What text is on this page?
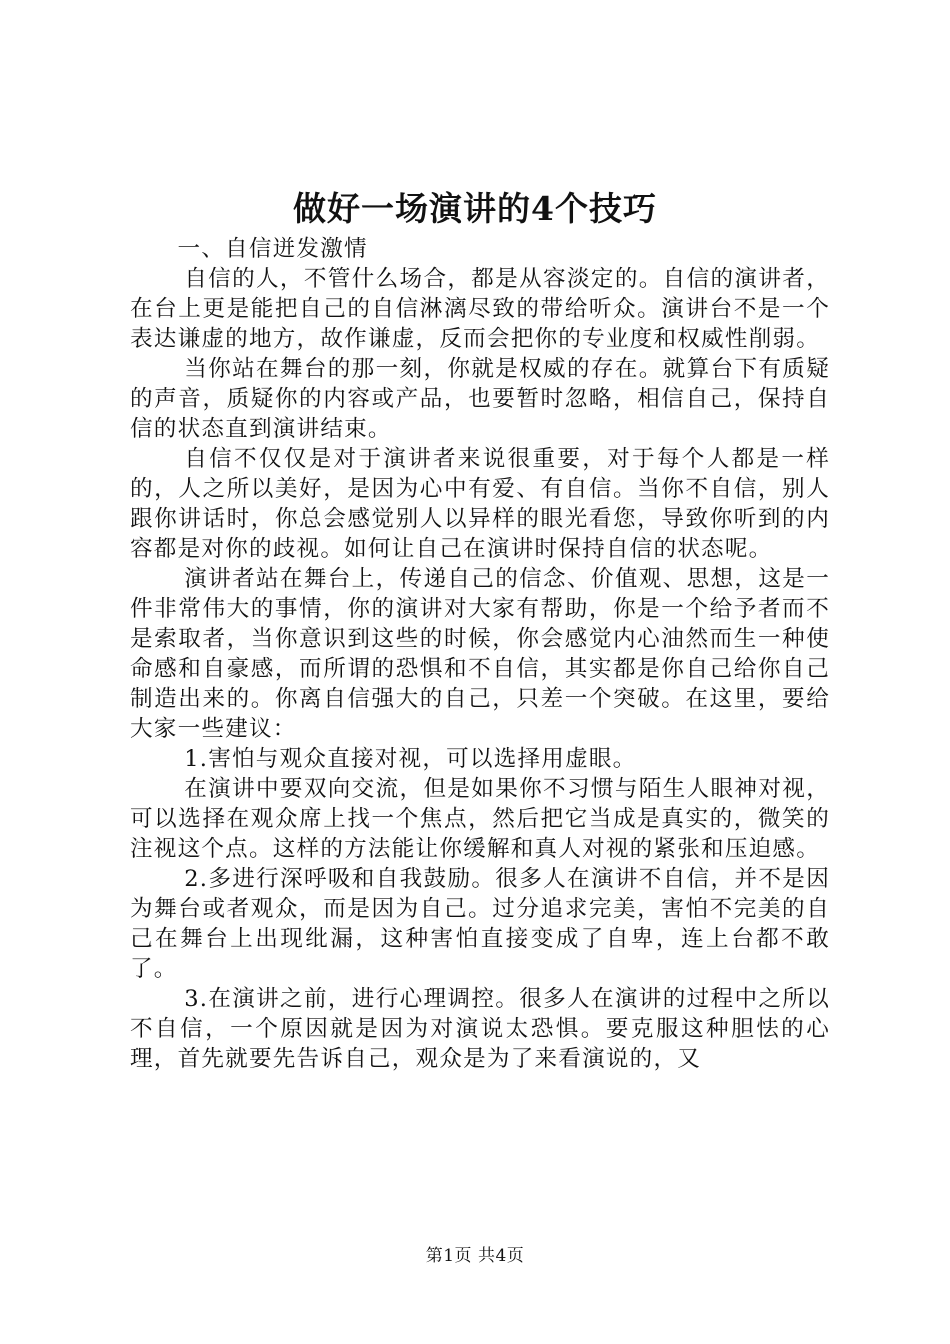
做好一场演讲的4个技巧

一、自信迸发激情

自信的人，不管什么场合，都是从容淡定的。自信的演讲者，在台上更是能把自己的自信淋漓尽致的带给听众。演讲台不是一个表达谦虚的地方，故作谦虚，反而会把你的专业度和权威性削弱。

当你站在舞台的那一刻，你就是权威的存在。就算台下有质疑的声音，质疑你的内容或产品，也要暂时忽略，相信自己，保持自信的状态直到演讲结束。

自信不仅仅是对于演讲者来说很重要，对于每个人都是一样的，人之所以美好，是因为心中有爱、有自信。当你不自信，别人跟你讲话时，你总会感觉别人以异样的眼光看您，导致你听到的内容都是对你的歧视。如何让自己在演讲时保持自信的状态呢。

演讲者站在舞台上，传递自己的信念、价值观、思想，这是一件非常伟大的事情，你的演讲对大家有帮助，你是一个给予者而不是索取者，当你意识到这些的时候，你会感觉内心油然而生一种使命感和自豪感，而所谓的恐惧和不自信，其实都是你自己给你自己制造出来的。你离自信强大的自己，只差一个突破。在这里，要给大家一些建议：

1.害怕与观众直接对视，可以选择用虚眼。

在演讲中要双向交流，但是如果你不习惯与陌生人眼神对视，可以选择在观众席上找一个焦点，然后把它当成是真实的，微笑的注视这个点。这样的方法能让你缓解和真人对视的紧张和压迫感。

2.多进行深呼吸和自我鼓励。很多人在演讲不自信，并不是因为舞台或者观众，而是因为自己。过分追求完美，害怕不完美的自己在舞台上出现纰漏，这种害怕直接变成了自卑，连上台都不敢了。

3.在演讲之前，进行心理调控。很多人在演讲的过程中之所以不自信，一个原因就是因为对演说太恐惧。要克服这种胆怯的心理，首先就要先告诉自己，观众是为了来看演说的，又

第1页 共4页
